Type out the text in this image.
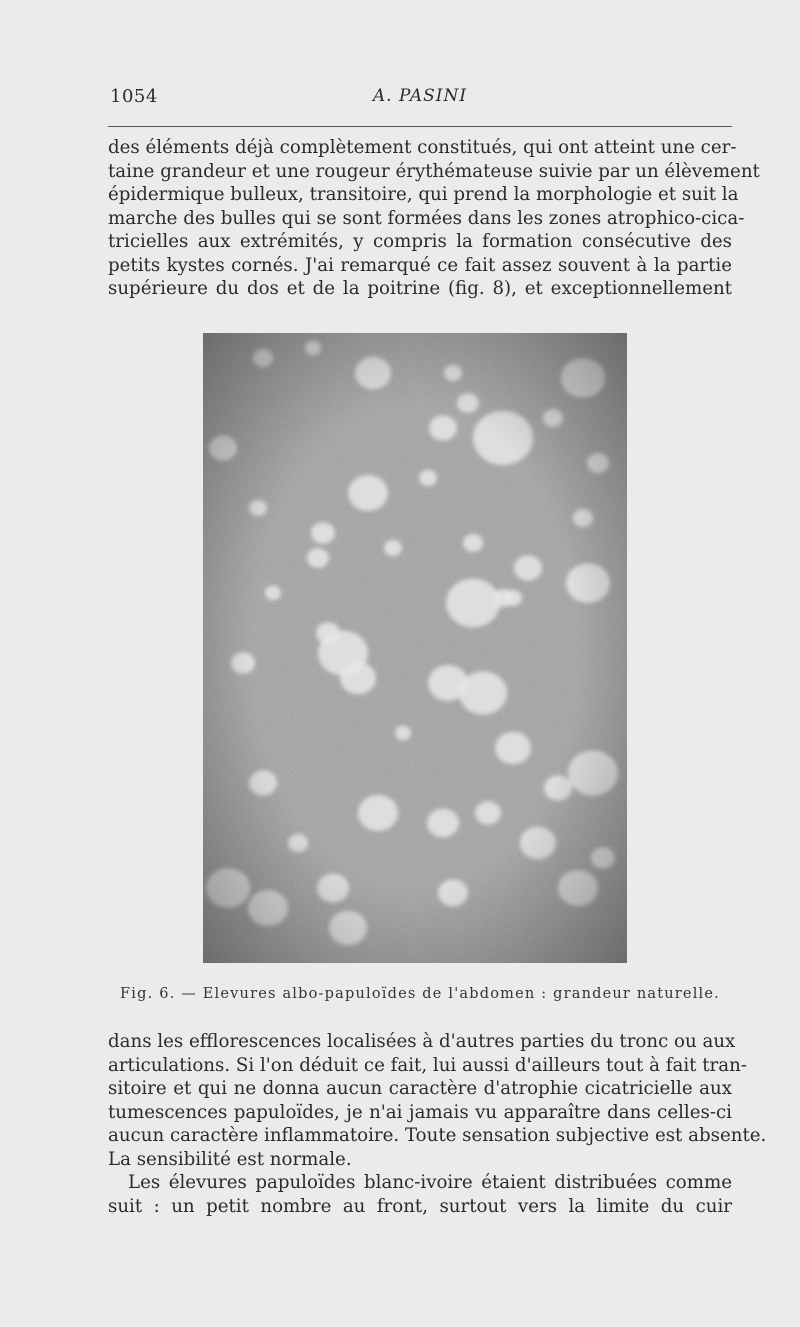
1054	A. PASINI
des éléments déjà complètement constitués, qui ont atteint une cer-
taine grandeur et une rougeur érythémateuse suivie par un élèvement
épidermique bulleux, transitoire, qui prend la morphologie et suit la
marche des bulles qui se sont formées dans les zones atrophico-cica-
tricielles aux extrémités, y compris la formation consécutive des
petits kystes cornés. J'ai remarqué ce fait assez souvent à la partie
supérieure du dos et de la poitrine (fig. 8), et exceptionnellement
Fig. 6. — Elevures albo-papuloïdes de l'abdomen : grandeur naturelle.
dans les efflorescences localisées à d'autres parties du tronc ou aux
articulations. Si l'on déduit ce fait, lui aussi d'ailleurs tout à fait tran-
sitoire et qui ne donna aucun caractère d'atrophie cicatricielle aux
tumescences papuloïdes, je n'ai jamais vu apparaître dans celles-ci
aucun caractère inflammatoire. Toute sensation subjective est absente.
La sensibilité est normale.
Les élevures papuloïdes blanc-ivoire étaient distribuées comme
suit : un petit nombre au front, surtout vers la limite du cuir
